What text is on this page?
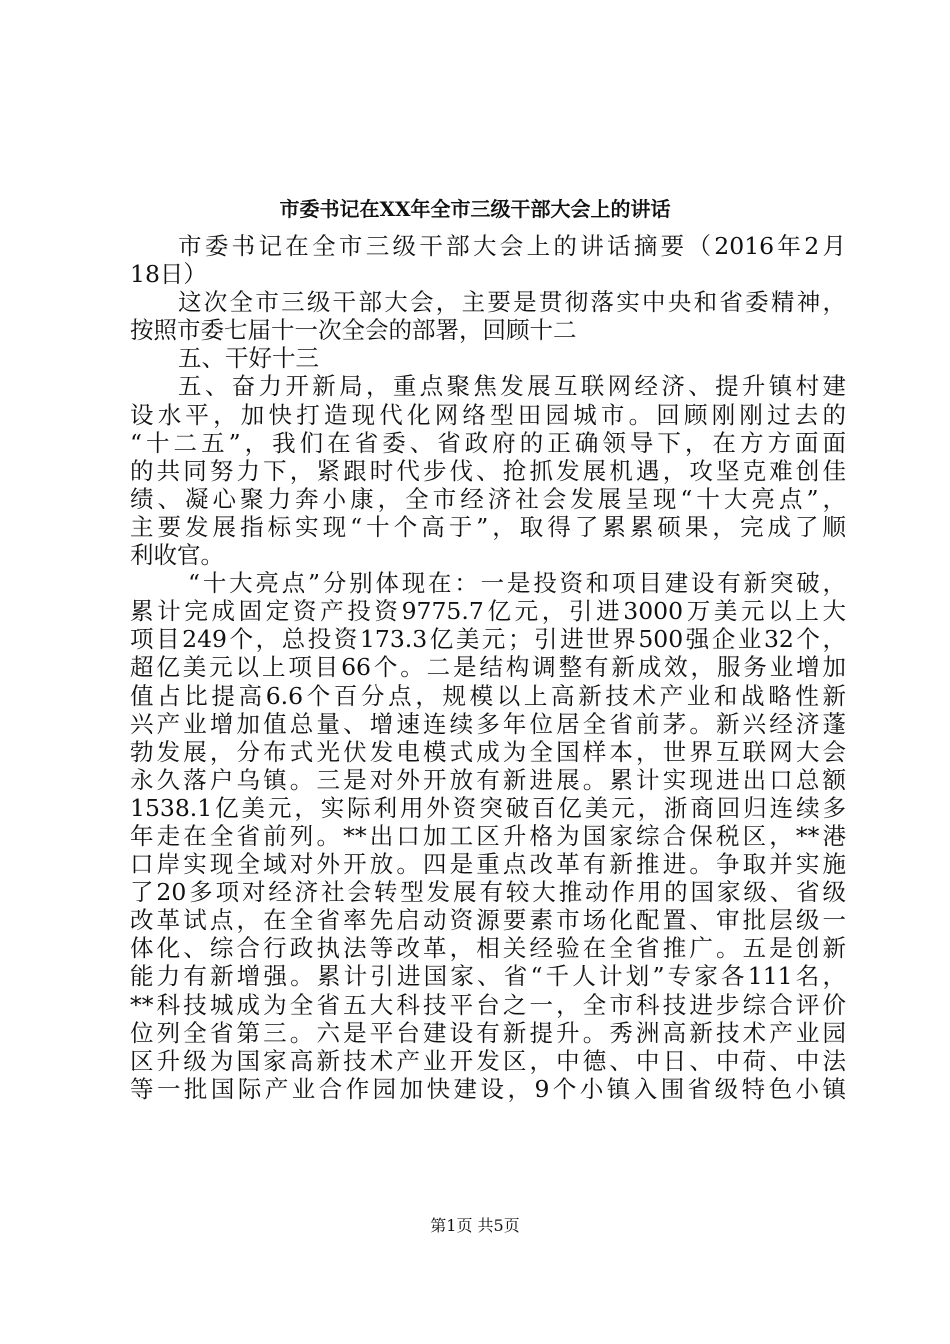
市委书记在XX年全市三级干部大会上的讲话
市委书记在全市三级干部大会上的讲话摘要（2016年2月
18日）
这次全市三级干部大会，主要是贯彻落实中央和省委精神，
按照市委七届十一次全会的部署，回顾十二
五、干好十三
五、奋力开新局，重点聚焦发展互联网经济、提升镇村建
设水平，加快打造现代化网络型田园城市。回顾刚刚过去的
“十二五”，我们在省委、省政府的正确领导下，在方方面面
的共同努力下，紧跟时代步伐、抢抓发展机遇，攻坚克难创佳
绩、凝心聚力奔小康，全市经济社会发展呈现“十大亮点”，
主要发展指标实现“十个高于”，取得了累累硕果，完成了顺
利收官。
“十大亮点”分别体现在：一是投资和项目建设有新突破，
累计完成固定资产投资9775.7亿元，引进3000万美元以上大
项目249个，总投资173.3亿美元；引进世界500强企业32个，
超亿美元以上项目66个。二是结构调整有新成效，服务业增加
值占比提高6.6个百分点，规模以上高新技术产业和战略性新
兴产业增加值总量、增速连续多年位居全省前茅。新兴经济蓬
勃发展，分布式光伏发电模式成为全国样本，世界互联网大会
永久落户乌镇。三是对外开放有新进展。累计实现进出口总额
1538.1亿美元，实际利用外资突破百亿美元，浙商回归连续多
年走在全省前列。**出口加工区升格为国家综合保税区，**港
口岸实现全域对外开放。四是重点改革有新推进。争取并实施
了20多项对经济社会转型发展有较大推动作用的国家级、省级
改革试点，在全省率先启动资源要素市场化配置、审批层级一
体化、综合行政执法等改革，相关经验在全省推广。五是创新
能力有新增强。累计引进国家、省“千人计划”专家各111名，
**科技城成为全省五大科技平台之一，全市科技进步综合评价
位列全省第三。六是平台建设有新提升。秀洲高新技术产业园
区升级为国家高新技术产业开发区，中德、中日、中荷、中法
等一批国际产业合作园加快建设，9个小镇入围省级特色小镇
第1页 共5页
